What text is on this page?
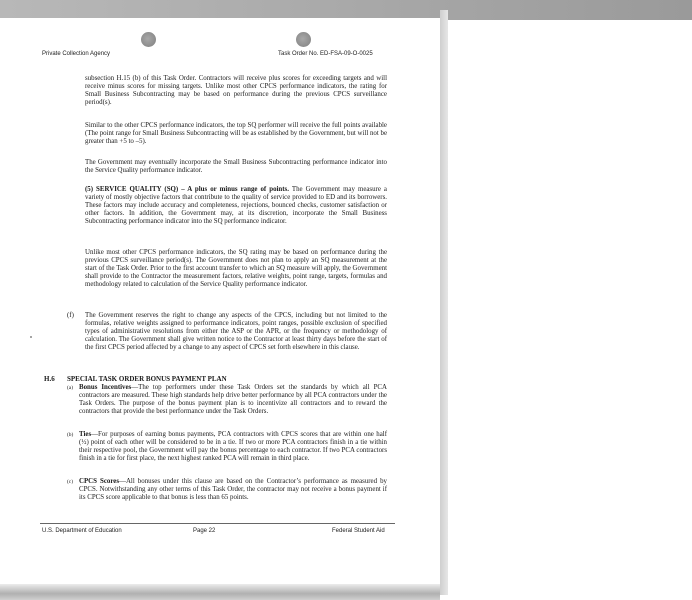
Private Collection Agency	Task Order No. ED-FSA-09-O-0025
subsection H.15 (b) of this Task Order. Contractors will receive plus scores for exceeding targets and will receive minus scores for missing targets. Unlike most other CPCS performance indicators, the rating for Small Business Subcontracting may be based on performance during the previous CPCS surveillance period(s).
Similar to the other CPCS performance indicators, the top SQ performer will receive the full points available (The point range for Small Business Subcontracting will be as established by the Government, but will not be greater than +5 to –5).
The Government may eventually incorporate the Small Business Subcontracting performance indicator into the Service Quality performance indicator.
(5) SERVICE QUALITY (SQ) – A plus or minus range of points. The Government may measure a variety of mostly objective factors that contribute to the quality of service provided to ED and its borrowers. These factors may include accuracy and completeness, rejections, bounced checks, customer satisfaction or other factors. In addition, the Government may, at its discretion, incorporate the Small Business Subcontracting performance indicator into the SQ performance indicator.
Unlike most other CPCS performance indicators, the SQ rating may be based on performance during the previous CPCS surveillance period(s). The Government does not plan to apply an SQ measurement at the start of the Task Order. Prior to the first account transfer to which an SQ measure will apply, the Government shall provide to the Contractor the measurement factors, relative weights, point range, targets, formulas and methodology related to calculation of the Service Quality performance indicator.
(f) The Government reserves the right to change any aspects of the CPCS, including but not limited to the formulas, relative weights assigned to performance indicators, point ranges, possible exclusion of specified types of administrative resolutions from either the ASP or the APR, or the frequency or methodology of calculation. The Government shall give written notice to the Contractor at least thirty days before the start of the first CPCS period affected by a change to any aspect of CPCS set forth elsewhere in this clause.
H.6 SPECIAL TASK ORDER BONUS PAYMENT PLAN
(a) Bonus Incentives—The top performers under these Task Orders set the standards by which all PCA contractors are measured. These high standards help drive better performance by all PCA contractors under the Task Orders. The purpose of the bonus payment plan is to incentivize all contractors and to reward the contractors that provide the best performance under the Task Orders.
(b) Ties—For purposes of earning bonus payments, PCA contractors with CPCS scores that are within one half (½) point of each other will be considered to be in a tie. If two or more PCA contractors finish in a tie within their respective pool, the Government will pay the bonus percentage to each contractor. If two PCA contractors finish in a tie for first place, the next highest ranked PCA will remain in third place.
(c) CPCS Scores—All bonuses under this clause are based on the Contractor’s performance as measured by CPCS. Notwithstanding any other terms of this Task Order, the contractor may not receive a bonus payment if its CPCS score applicable to that bonus is less than 65 points.
U.S. Department of Education	Page 22	Federal Student Aid
